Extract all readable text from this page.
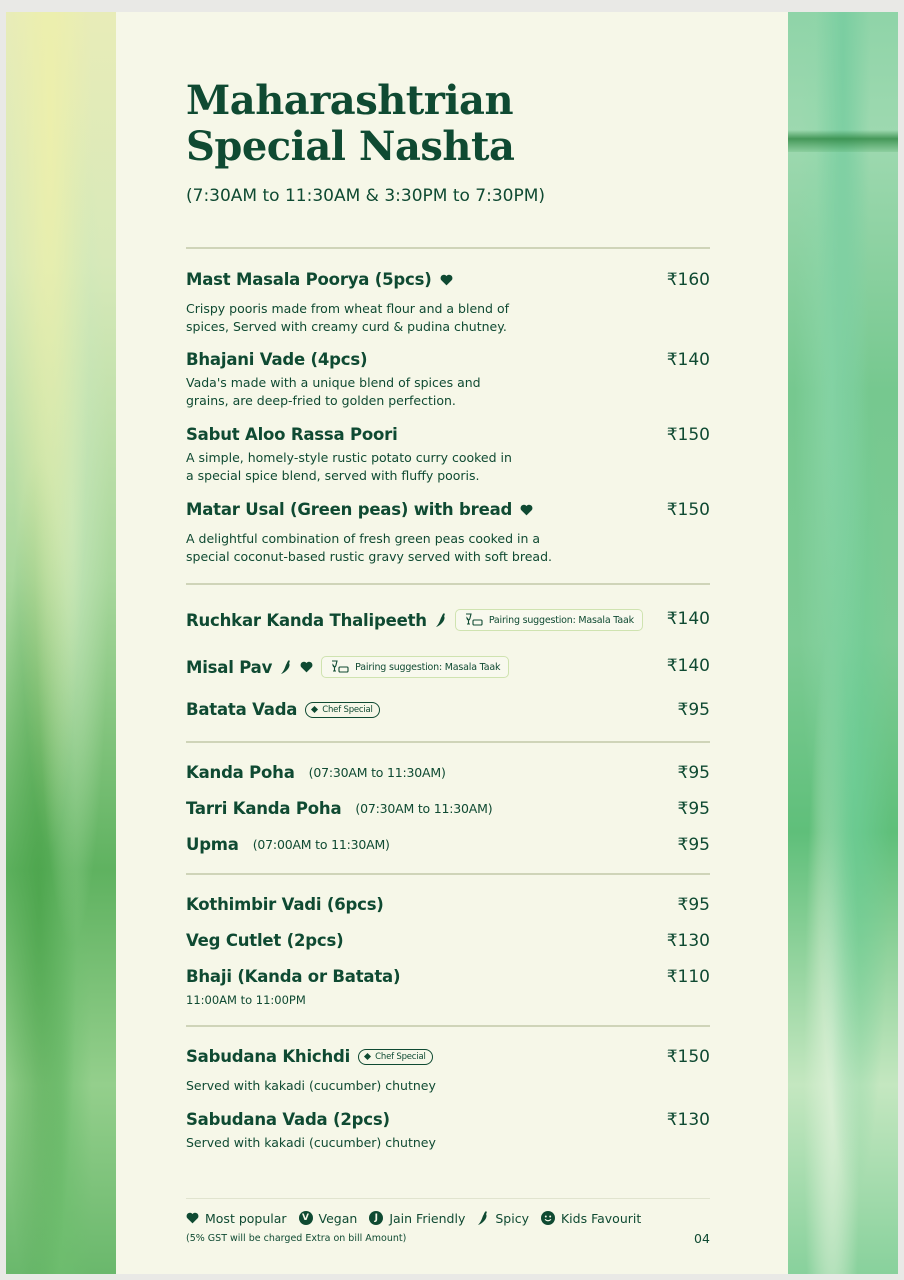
Maharashtrian
Special Nashta
(7:30AM to 11:30AM & 3:30PM to 7:30PM)
Mast Masala Poorya (5pcs)	₹160
Crispy pooris made from wheat flour and a blend of
spices, Served with creamy curd & pudina chutney.
Bhajani Vade (4pcs)	₹140
Vada's made with a unique blend of spices and
grains, are deep-fried to golden perfection.
Sabut Aloo Rassa Poori	₹150
A simple, homely-style rustic potato curry cooked in
a special spice blend, served with fluffy pooris.
Matar Usal (Green peas) with bread	₹150
A delightful combination of fresh green peas cooked in a
special coconut-based rustic gravy served with soft bread.
Ruchkar Kanda Thalipeeth	Pairing suggestion: Masala Taak ₹140
Misal Pav	Pairing suggestion: Masala Taak	₹140
Batata Vada	Chef Special	₹95
Kanda Poha (07:30AM to 11:30AM)	₹95
Tarri Kanda Poha (07:30AM to 11:30AM)	₹95
Upma (07:00AM to 11:30AM)	₹95
Kothimbir Vadi (6pcs)	₹95
Veg Cutlet (2pcs)	₹130
Bhaji (Kanda or Batata)	₹110
11:00AM to 11:00PM
Sabudana Khichdi	Chef Special	₹150
Served with kakadi (cucumber) chutney
Sabudana Vada (2pcs)	₹130
Served with kakadi (cucumber) chutney
Most popular	V Vegan	J Jain Friendly Spicy	Kids Favourit
(5% GST will be charged Extra on bill Amount)	04
